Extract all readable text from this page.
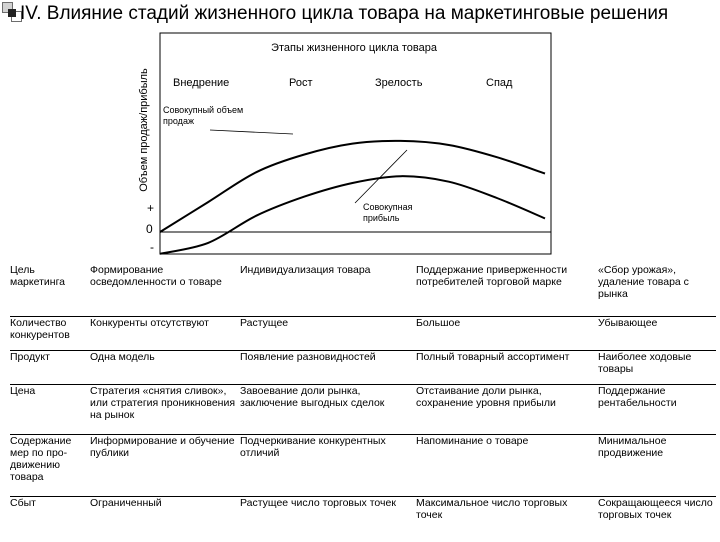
IV. Влияние стадий жизненного цикла товара на маркетинговые решения
Объем продаж/прибыль
Этапы жизненного цикла товара
Внедрение	Рост	Зрелость	Спад
Совокупный объем продаж
Совокупная прибыль
+
0
-
Цель маркетинга	Формирование осведомленности о товаре	Индивидуализация товара	Поддержание приверженности потребителей торговой марке	«Сбор урожая», удаление товара с рынка
Количество конкурентов	Конкуренты отсутствуют	Растущее	Большое	Убывающее
Продукт	Одна модель	Появление разновидностей	Полный товарный ассортимент	Наиболее ходовые товары
Цена	Стратегия «снятия сливок», или стратегия проникновения на рынок	Завоевание доли рынка, заключение выгодных сделок	Отстаивание доли рынка, сохранение уровня прибыли	Поддержание рентабельности
Содержание мер по про-движению товара	Информирование и обучение публики	Подчеркивание конкурентных отличий	Напоминание о товаре	Минимальное продвижение
Сбыт	Ограниченный	Растущее число торговых точек	Максимальное число торговых точек	Сокращающееся число торговых точек
